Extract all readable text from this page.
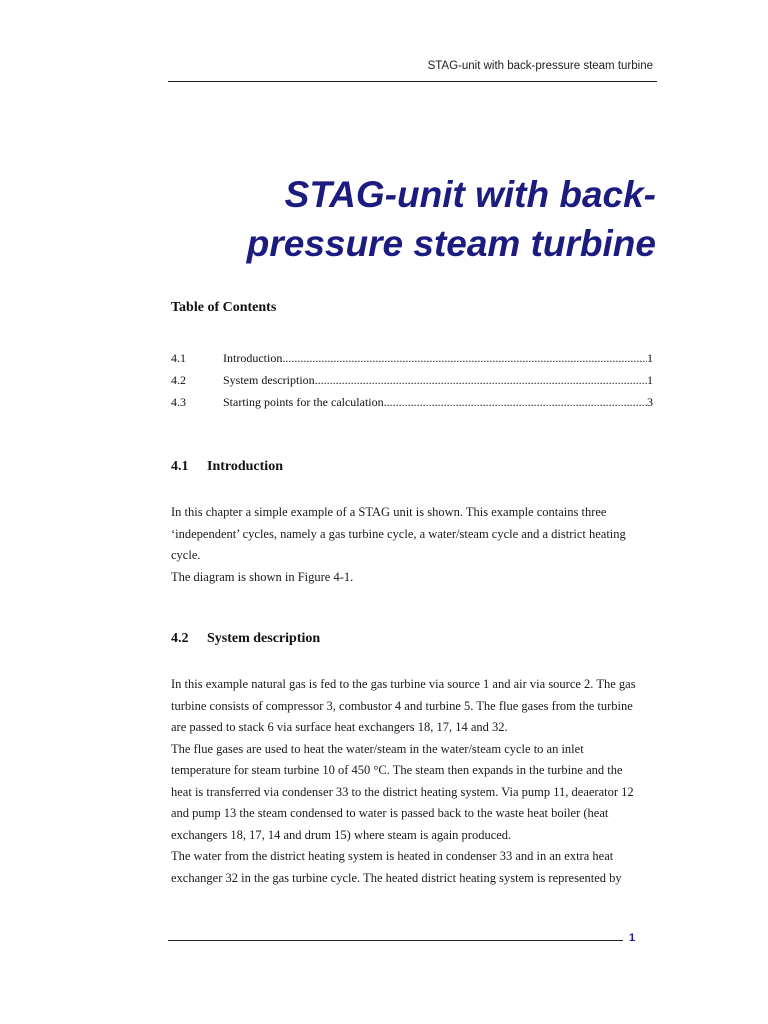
STAG-unit with back-pressure steam turbine
STAG-unit with back-
pressure steam turbine
Table of Contents
4.1	Introduction .....	1
4.2	System description .....	1
4.3	Starting points for the calculation .....	3
4.1 Introduction
In this chapter a simple example of a STAG unit is shown. This example contains three
‘independent’ cycles, namely a gas turbine cycle, a water/steam cycle and a district heating
cycle.
The diagram is shown in Figure 4-1.
4.2 System description
In this example natural gas is fed to the gas turbine via source 1 and air via source 2. The gas
turbine consists of compressor 3, combustor 4 and turbine 5. The flue gases from the turbine
are passed to stack 6 via surface heat exchangers 18, 17, 14 and 32.
The flue gases are used to heat the water/steam in the water/steam cycle to an inlet
temperature for steam turbine 10 of 450 °C. The steam then expands in the turbine and the
heat is transferred via condenser 33 to the district heating system. Via pump 11, deaerator 12
and pump 13 the steam condensed to water is passed back to the waste heat boiler (heat
exchangers 18, 17, 14 and drum 15) where steam is again produced.
The water from the district heating system is heated in condenser 33 and in an extra heat
exchanger 32 in the gas turbine cycle. The heated district heating system is represented by
1
